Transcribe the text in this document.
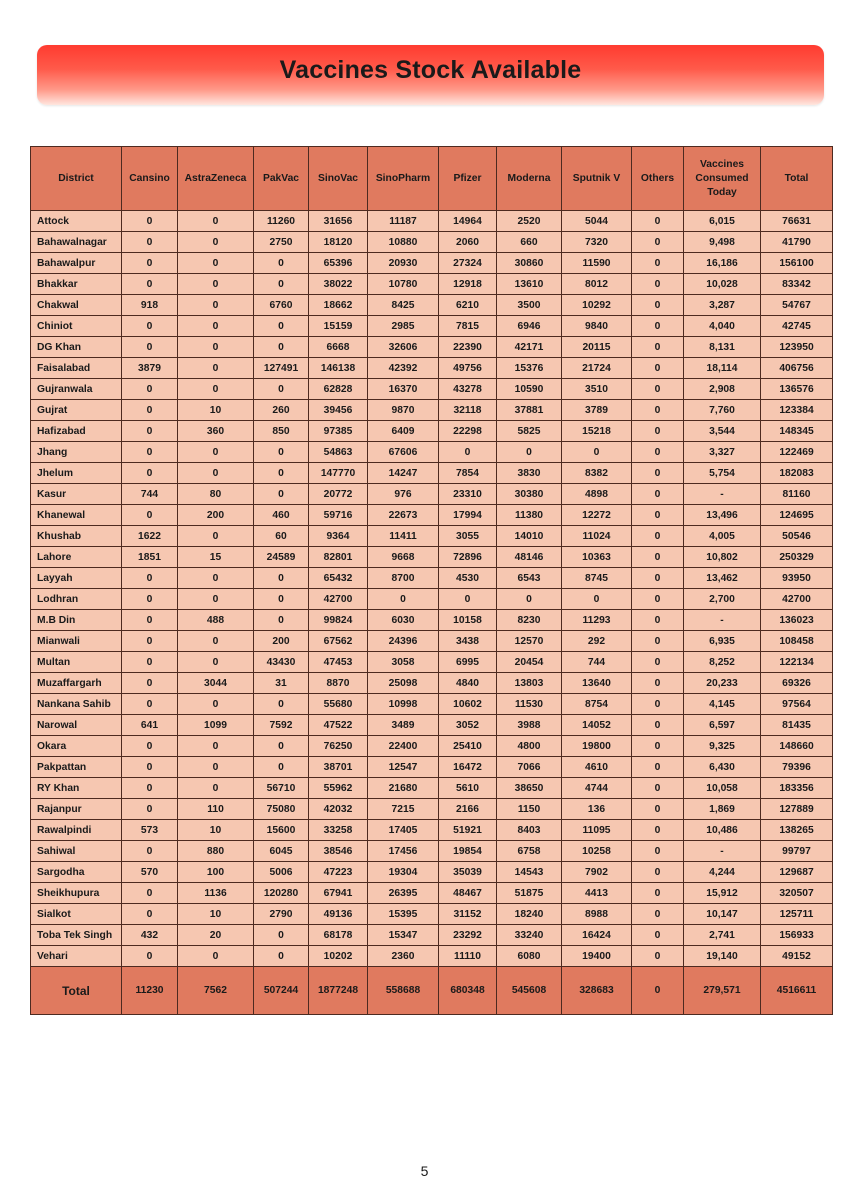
Vaccines Stock Available
District	Cansino	AstraZeneca	PakVac	SinoVac	SinoPharm	Pfizer	Moderna	Sputnik V	Others	Vaccines Consumed Today	Total
Attock	0	0	11260	31656	11187	14964	2520	5044	0	6,015	76631
Bahawalnagar	0	0	2750	18120	10880	2060	660	7320	0	9,498	41790
Bahawalpur	0	0	0	65396	20930	27324	30860	11590	0	16,186	156100
Bhakkar	0	0	0	38022	10780	12918	13610	8012	0	10,028	83342
Chakwal	918	0	6760	18662	8425	6210	3500	10292	0	3,287	54767
Chiniot	0	0	0	15159	2985	7815	6946	9840	0	4,040	42745
DG Khan	0	0	0	6668	32606	22390	42171	20115	0	8,131	123950
Faisalabad	3879	0	127491	146138	42392	49756	15376	21724	0	18,114	406756
Gujranwala	0	0	0	62828	16370	43278	10590	3510	0	2,908	136576
Gujrat	0	10	260	39456	9870	32118	37881	3789	0	7,760	123384
Hafizabad	0	360	850	97385	6409	22298	5825	15218	0	3,544	148345
Jhang	0	0	0	54863	67606	0	0	0	0	3,327	122469
Jhelum	0	0	0	147770	14247	7854	3830	8382	0	5,754	182083
Kasur	744	80	0	20772	976	23310	30380	4898	0	-	81160
Khanewal	0	200	460	59716	22673	17994	11380	12272	0	13,496	124695
Khushab	1622	0	60	9364	11411	3055	14010	11024	0	4,005	50546
Lahore	1851	15	24589	82801	9668	72896	48146	10363	0	10,802	250329
Layyah	0	0	0	65432	8700	4530	6543	8745	0	13,462	93950
Lodhran	0	0	0	42700	0	0	0	0	0	2,700	42700
M.B Din	0	488	0	99824	6030	10158	8230	11293	0	-	136023
Mianwali	0	0	200	67562	24396	3438	12570	292	0	6,935	108458
Multan	0	0	43430	47453	3058	6995	20454	744	0	8,252	122134
Muzaffargarh	0	3044	31	8870	25098	4840	13803	13640	0	20,233	69326
Nankana Sahib	0	0	0	55680	10998	10602	11530	8754	0	4,145	97564
Narowal	641	1099	7592	47522	3489	3052	3988	14052	0	6,597	81435
Okara	0	0	0	76250	22400	25410	4800	19800	0	9,325	148660
Pakpattan	0	0	0	38701	12547	16472	7066	4610	0	6,430	79396
RY Khan	0	0	56710	55962	21680	5610	38650	4744	0	10,058	183356
Rajanpur	0	110	75080	42032	7215	2166	1150	136	0	1,869	127889
Rawalpindi	573	10	15600	33258	17405	51921	8403	11095	0	10,486	138265
Sahiwal	0	880	6045	38546	17456	19854	6758	10258	0	-	99797
Sargodha	570	100	5006	47223	19304	35039	14543	7902	0	4,244	129687
Sheikhupura	0	1136	120280	67941	26395	48467	51875	4413	0	15,912	320507
Sialkot	0	10	2790	49136	15395	31152	18240	8988	0	10,147	125711
Toba Tek Singh	432	20	0	68178	15347	23292	33240	16424	0	2,741	156933
Vehari	0	0	0	10202	2360	11110	6080	19400	0	19,140	49152
Total	11230	7562	507244	1877248	558688	680348	545608	328683	0	279,571	4516611
5
